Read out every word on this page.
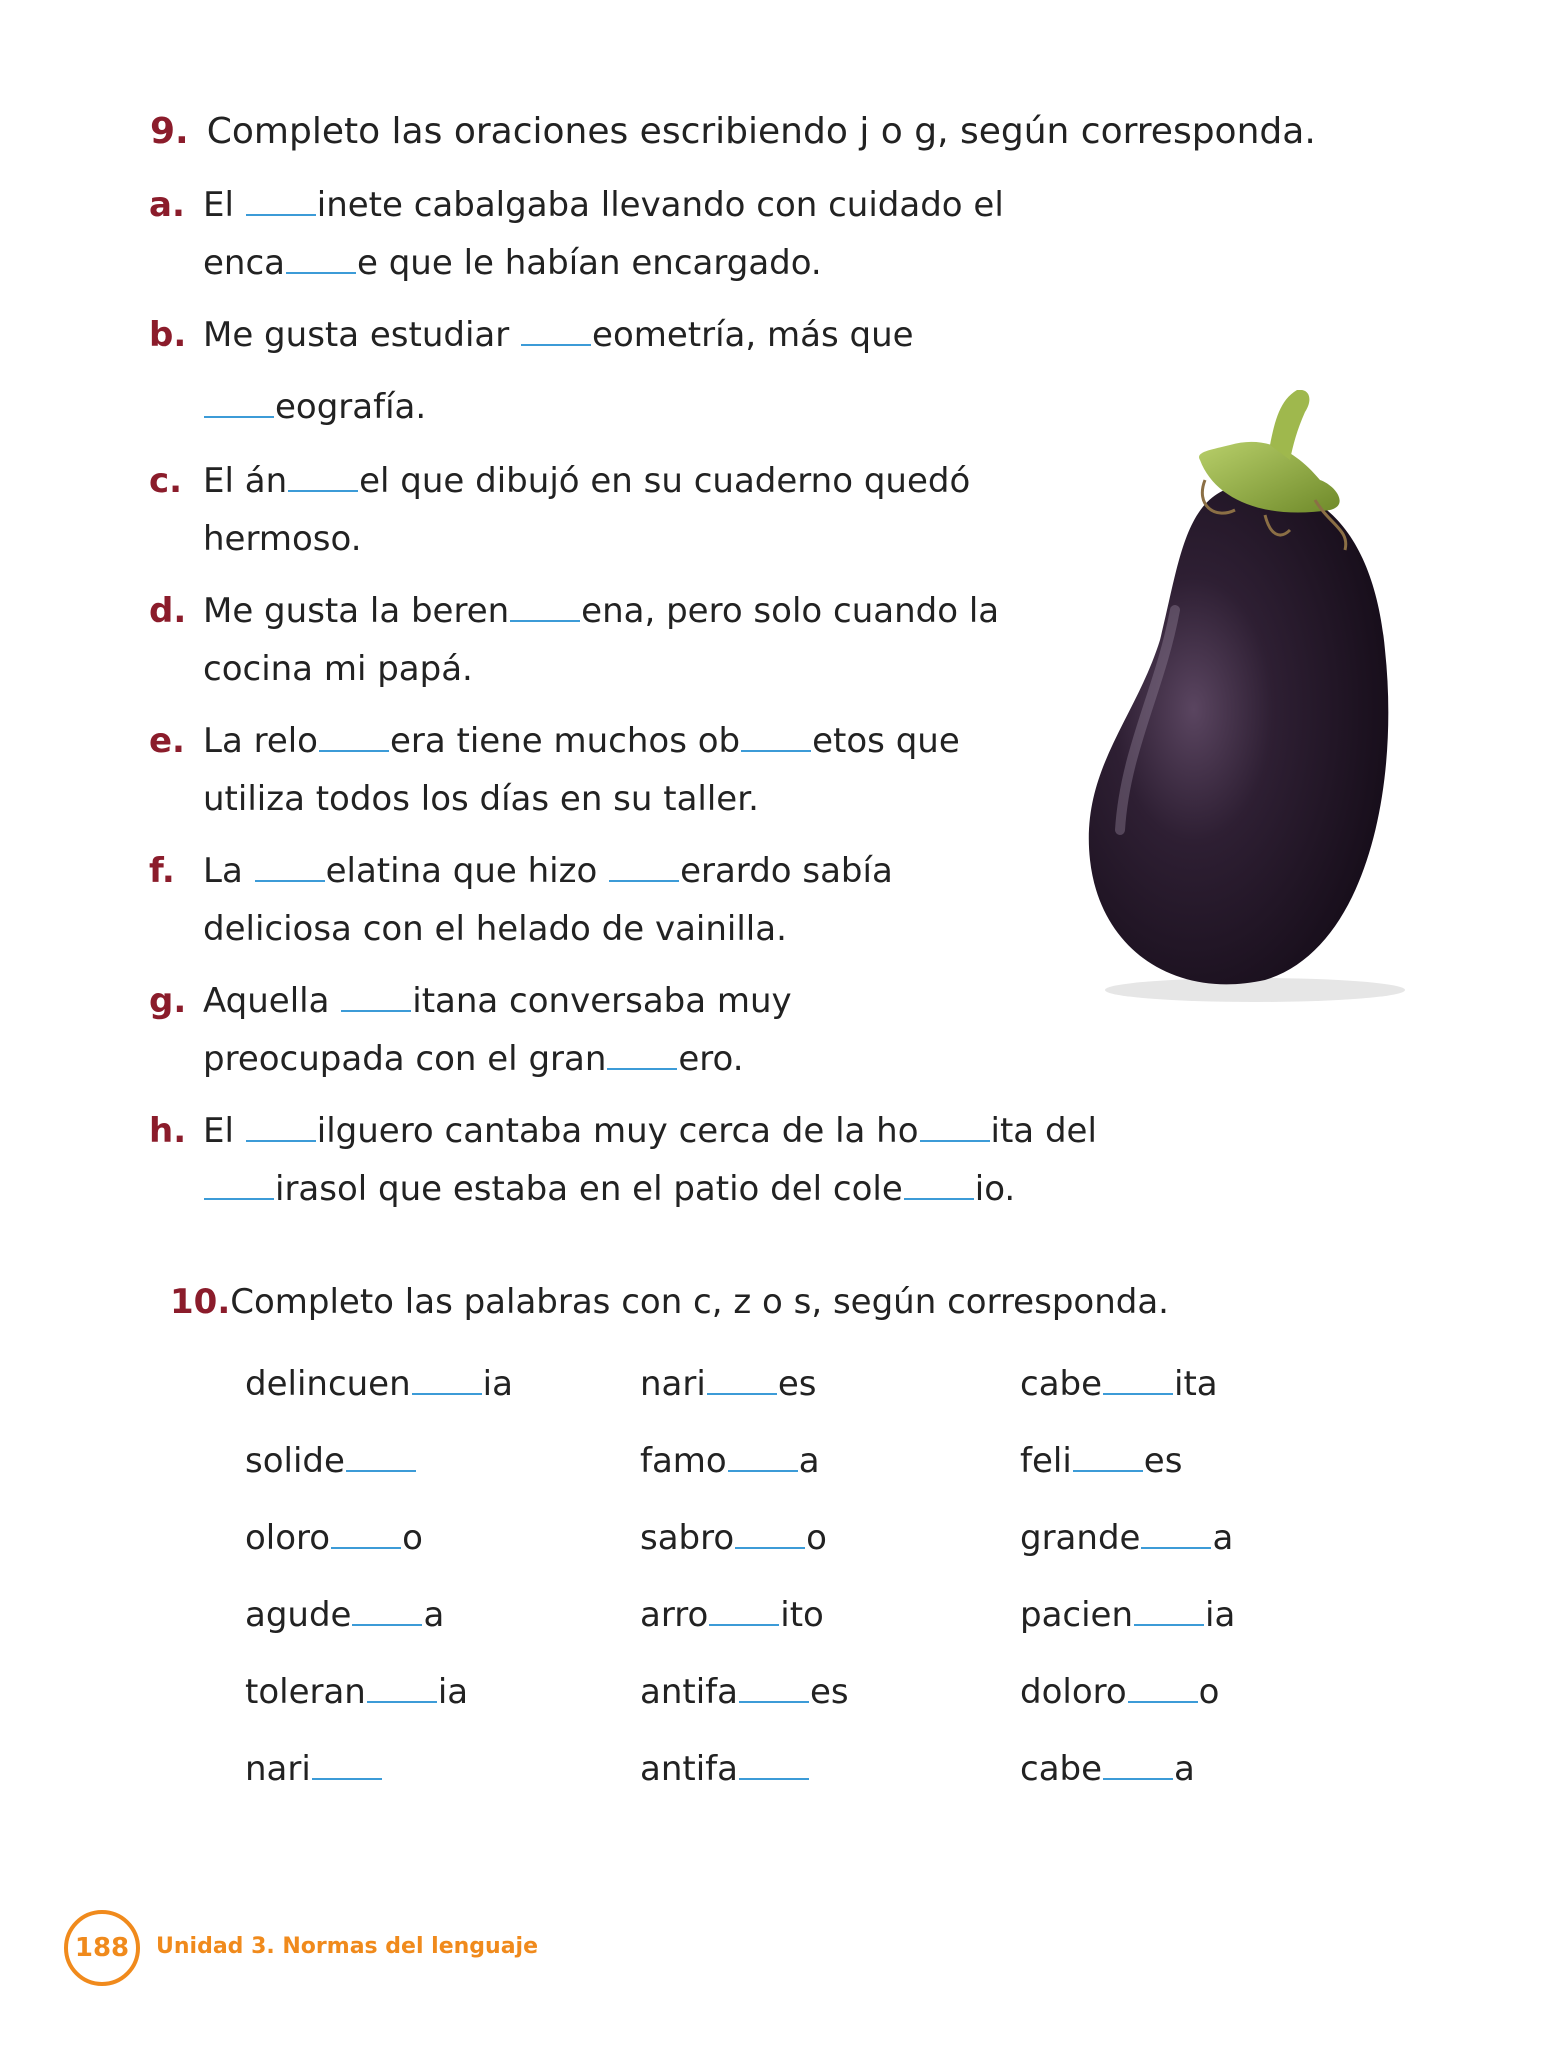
9. Completo las oraciones escribiendo j o g, según corresponda.
a. El inete cabalgaba llevando con cuidado el
enca e que le habían encargado.
b. Me gusta estudiar eometría, más que
eografía.
c. El án el que dibujó en su cuaderno quedó
hermoso.
d. Me gusta la beren ena, pero solo cuando la
cocina mi papá.
e. La relo era tiene muchos ob etos que
utiliza todos los días en su taller.
f. La elatina que hizo erardo sabía
deliciosa con el helado de vainilla.
g. Aquella itana conversaba muy
preocupada con el gran ero.
h. El ilguero cantaba muy cerca de la ho ita del
irasol que estaba en el patio del cole io.
10.Completo las palabras con c, z o s, según corresponda.
delincuen ia
solide
oloro o
agude a
toleran ia
nari
nari es
famo a
sabro o
arro ito
antifa es
antifa
cabe ita
feli es
grande a
pacien ia
doloro o
cabe a
188 Unidad 3. Normas del lenguaje
